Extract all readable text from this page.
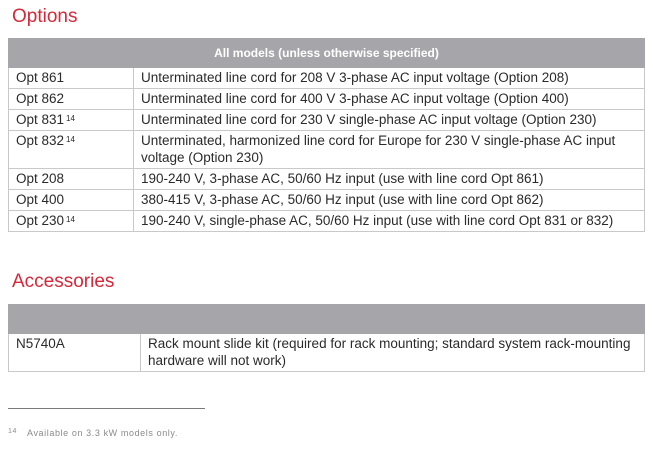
Options
All models (unless otherwise specified)	
Opt 861	Unterminated line cord for 208 V 3-phase AC input voltage (Option 208)
Opt 862	Unterminated line cord for 400 V 3-phase AC input voltage (Option 400)
Opt 831 $^{14}$	Unterminated line cord for 230 V single-phase AC input voltage (Option 230)
Opt 832 $^{14}$	Unterminated, harmonized line cord for Europe for 230 V single-phase AC input voltage (Option 230)
Opt 208	190-240 V, 3-phase AC, 50/60 Hz input (use with line cord Opt 861)
Opt 400	380-415 V, 3-phase AC, 50/60 Hz input (use with line cord Opt 862)
Opt 230 $^{14}$	190-240 V, single-phase AC, 50/60 Hz input (use with line cord Opt 831 or 832)
Accessories

N5740A	Rack mount slide kit (required for rack mounting; standard system rack-mounting hardware will not work)
$^{14}$ Available on 3.3 kW models only.
